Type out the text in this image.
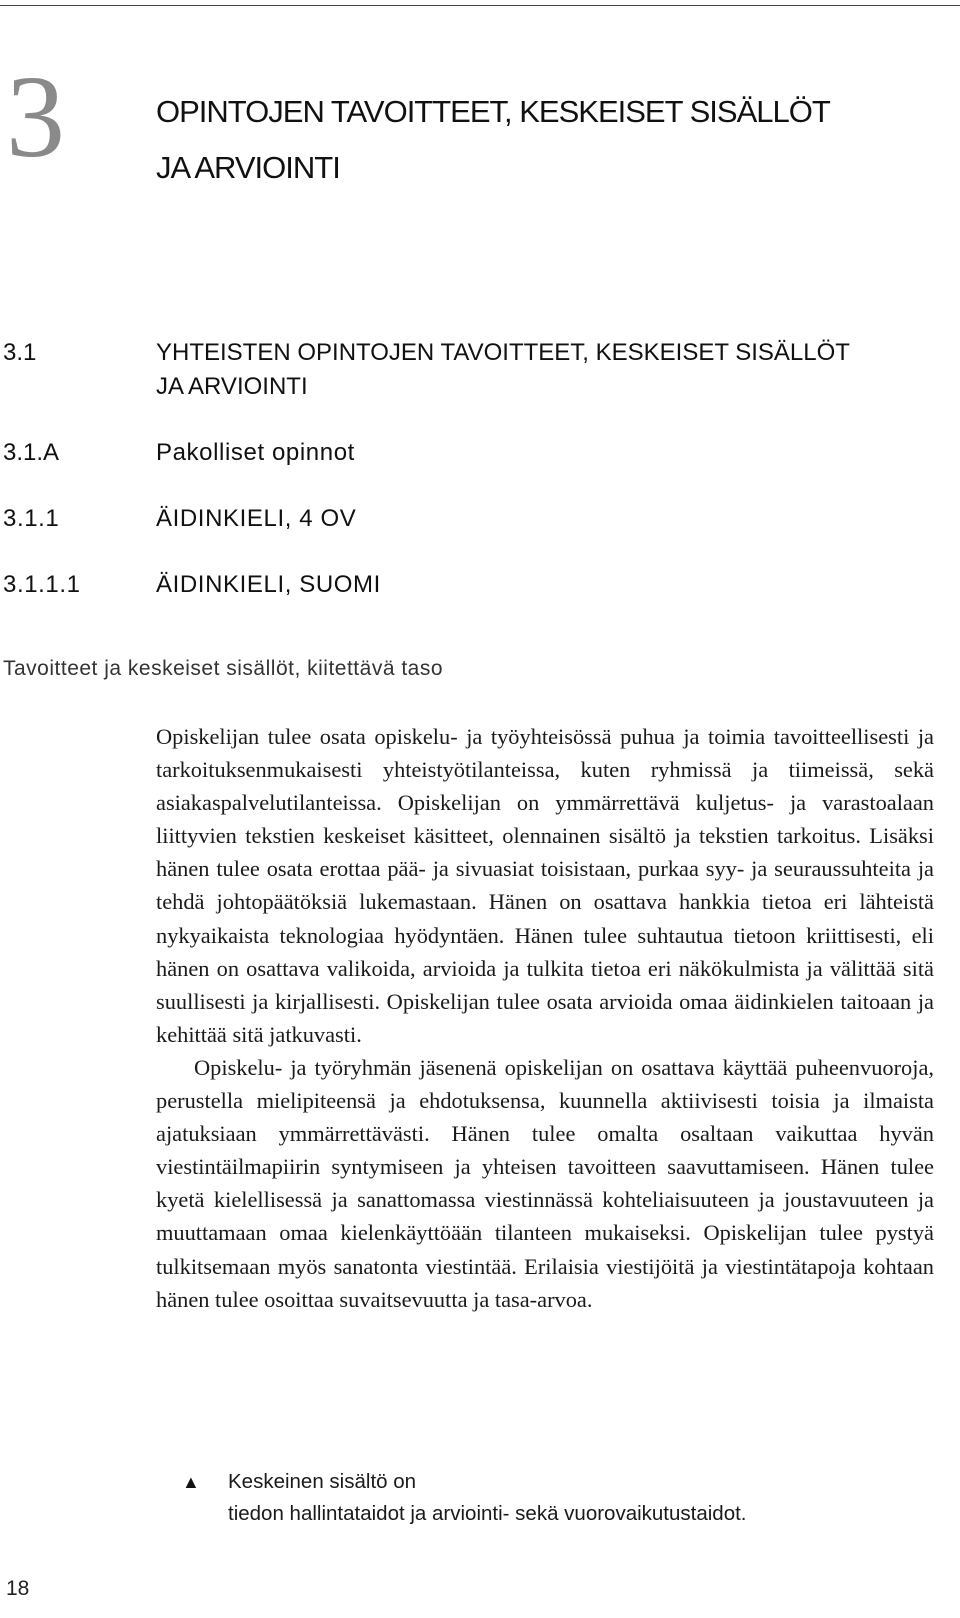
3	OPINTOJEN TAVOITTEET, KESKEISET SISÄLLÖT
JA ARVIOINTI
3.1	YHTEISTEN OPINTOJEN TAVOITTEET, KESKEISET SISÄLLÖT
JA ARVIOINTI
3.1.A	Pakolliset opinnot
3.1.1	ÄIDINKIELI, 4 OV
3.1.1.1	ÄIDINKIELI, SUOMI
Tavoitteet ja keskeiset sisällöt, kiitettävä taso

Opiskelijan tulee osata opiskelu- ja työyhteisössä puhua ja toimia tavoitteellisesti ja tarkoituksenmukaisesti yhteistyötilanteissa, kuten ryhmissä ja tiimeissä, sekä asiakaspalvelutilanteissa. Opiskelijan on ymmärrettävä kuljetus- ja varastoalaan liittyvien tekstien keskeiset käsitteet, olennainen sisältö ja tekstien tarkoitus. Lisäksi hänen tulee osata erottaa pää- ja sivuasiat toisistaan, purkaa syy- ja seuraussuhteita ja tehdä johtopäätöksiä lukemastaan. Hänen on osattava hankkia tietoa eri lähteistä nykyaikaista teknologiaa hyödyntäen. Hänen tulee suhtautua tietoon kriittisesti, eli hänen on osattava valikoida, arvioida ja tulkita tietoa eri näkökulmista ja välittää sitä suullisesti ja kirjallisesti. Opiskelijan tulee osata arvioida omaa äidinkielen taitoaan ja kehittää sitä jatkuvasti.

Opiskelu- ja työryhmän jäsenenä opiskelijan on osattava käyttää puheenvuoroja, perustella mielipiteensä ja ehdotuksensa, kuunnella aktiivisesti toisia ja ilmaista ajatuksiaan ymmärrettävästi. Hänen tulee omalta osaltaan vaikuttaa hyvän viestintäilmapiirin syntymiseen ja yhteisen tavoitteen saavuttamiseen. Hänen tulee kyetä kielellisessä ja sanattomassa viestinnässä kohteliaisuuteen ja joustavuuteen ja muuttamaan omaa kielenkäyttöään tilanteen mukaiseksi. Opiskelijan tulee pystyä tulkitsemaan myös sanatonta viestintää. Erilaisia viestijöitä ja viestintätapoja kohtaan hänen tulee osoittaa suvaitsevuutta ja tasa-arvoa.

▲ Keskeinen sisältö on
tiedon hallintataidot ja arviointi- sekä vuorovaikutustaidot.
18
